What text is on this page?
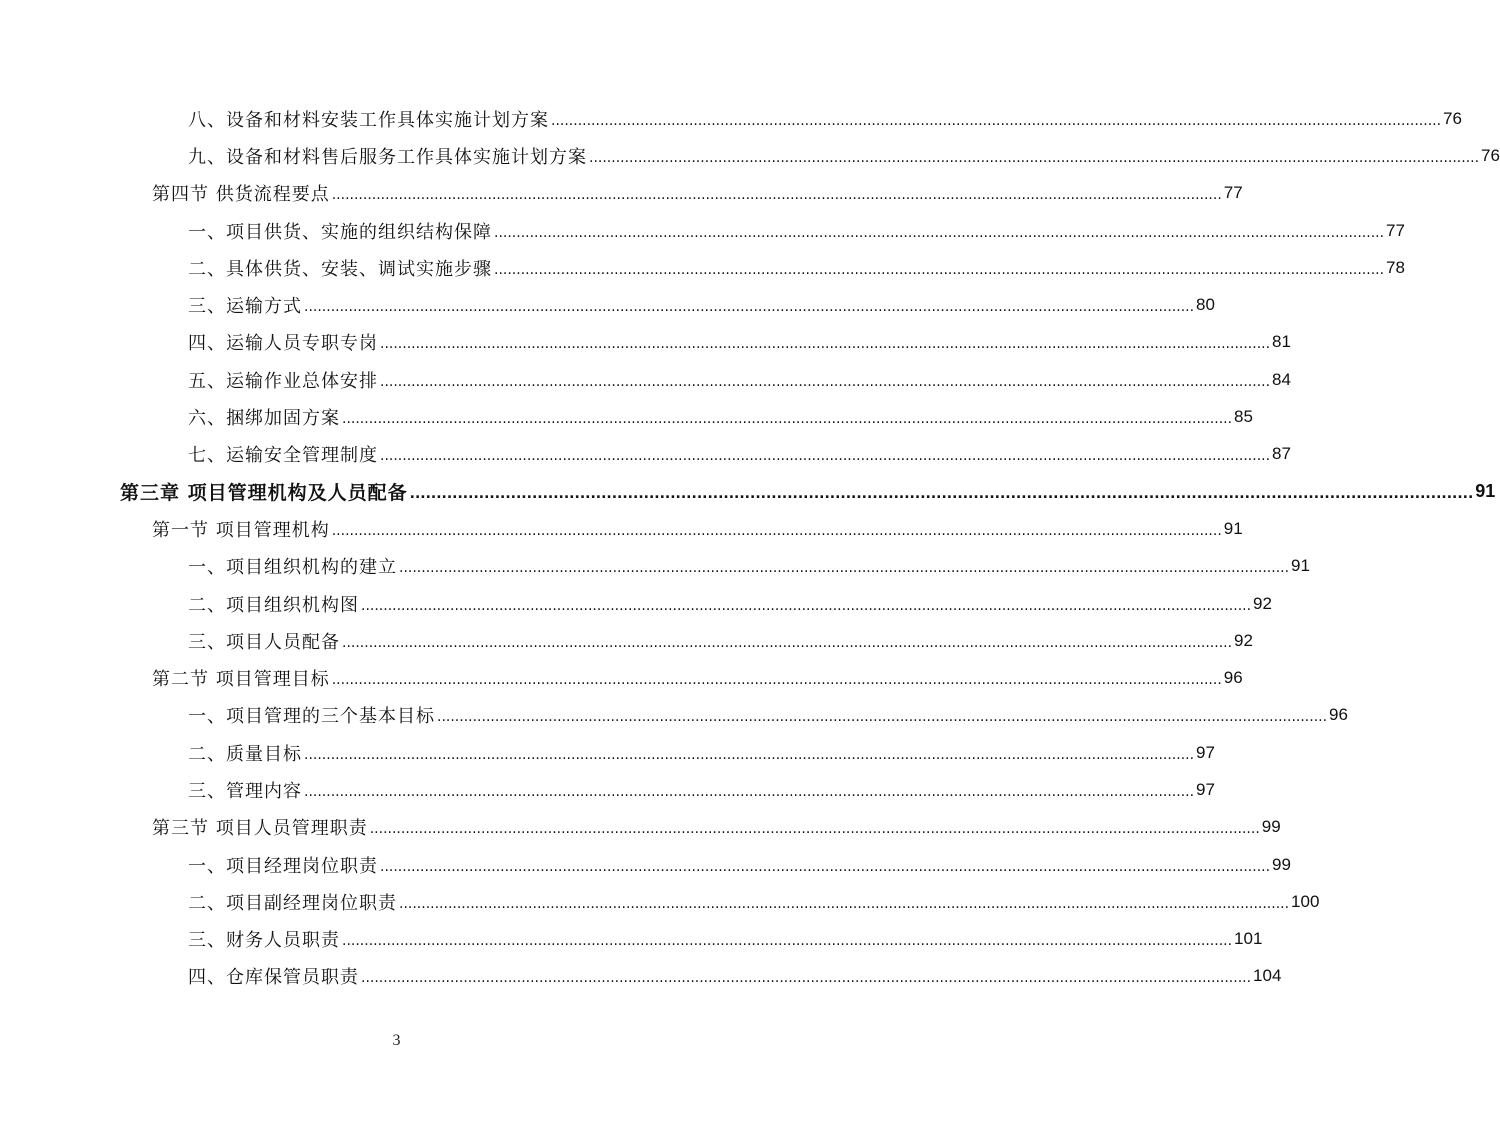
八、设备和材料安装工作具体实施计划方案 ........................................................................................................................................................................................................ 76
九、设备和材料售后服务工作具体实施计划方案 ........................................................................................................................................................................................................ 76
第四节 供货流程要点 ........................................................................................................................................................................................................ 77
一、项目供货、实施的组织结构保障 ........................................................................................................................................................................................................ 77
二、具体供货、安装、调试实施步骤 ........................................................................................................................................................................................................ 78
三、运输方式 ........................................................................................................................................................................................................ 80
四、运输人员专职专岗 ........................................................................................................................................................................................................ 81
五、运输作业总体安排 ........................................................................................................................................................................................................ 84
六、捆绑加固方案 ........................................................................................................................................................................................................ 85
七、运输安全管理制度 ........................................................................................................................................................................................................ 87
第三章 项目管理机构及人员配备 ........................................................................................................................................................................................................ 91
第一节 项目管理机构 ........................................................................................................................................................................................................ 91
一、项目组织机构的建立 ........................................................................................................................................................................................................ 91
二、项目组织机构图 ........................................................................................................................................................................................................ 92
三、项目人员配备 ........................................................................................................................................................................................................ 92
第二节 项目管理目标 ........................................................................................................................................................................................................ 96
一、项目管理的三个基本目标 ........................................................................................................................................................................................................ 96
二、质量目标 ........................................................................................................................................................................................................ 97
三、管理内容 ........................................................................................................................................................................................................ 97
第三节 项目人员管理职责 ........................................................................................................................................................................................................ 99
一、项目经理岗位职责 ........................................................................................................................................................................................................ 99
二、项目副经理岗位职责 ........................................................................................................................................................................................................ 100
三、财务人员职责 ........................................................................................................................................................................................................ 101
四、仓库保管员职责 ........................................................................................................................................................................................................ 104
3
